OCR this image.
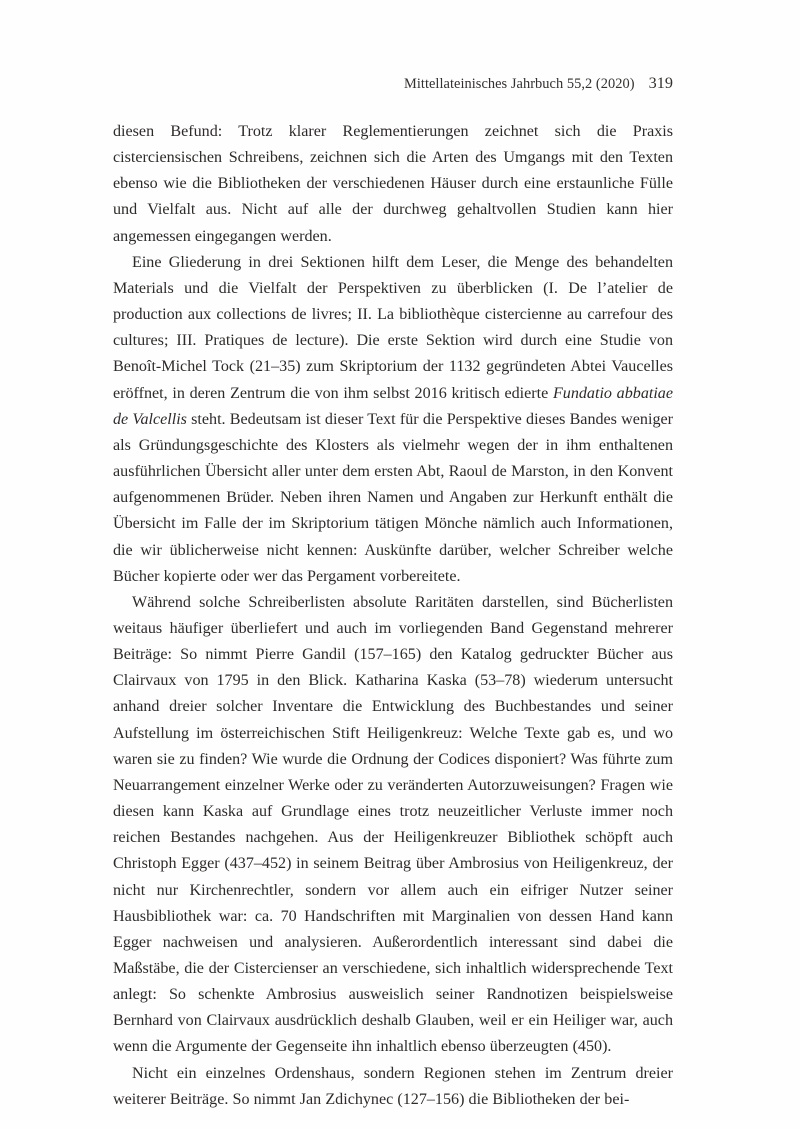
Mittellateinisches Jahrbuch 55,2 (2020) 319

diesen Befund: Trotz klarer Reglementierungen zeichnet sich die Praxis cisterciensischen Schreibens, zeichnen sich die Arten des Umgangs mit den Texten ebenso wie die Bibliotheken der verschiedenen Häuser durch eine erstaunliche Fülle und Vielfalt aus. Nicht auf alle der durchweg gehaltvollen Studien kann hier angemessen eingegangen werden.

Eine Gliederung in drei Sektionen hilft dem Leser, die Menge des behandelten Materials und die Vielfalt der Perspektiven zu überblicken (I. De l’atelier de production aux collections de livres; II. La bibliothèque cistercienne au carrefour des cultures; III. Pratiques de lecture). Die erste Sektion wird durch eine Studie von Benoît-Michel Tock (21–35) zum Skriptorium der 1132 gegründeten Abtei Vaucelles eröffnet, in deren Zentrum die von ihm selbst 2016 kritisch edierte Fundatio abbatiae de Valcellis steht. Bedeutsam ist dieser Text für die Perspektive dieses Bandes weniger als Gründungsgeschichte des Klosters als vielmehr wegen der in ihm enthaltenen ausführlichen Übersicht aller unter dem ersten Abt, Raoul de Marston, in den Konvent aufgenommenen Brüder. Neben ihren Namen und Angaben zur Herkunft enthält die Übersicht im Falle der im Skriptorium tätigen Mönche nämlich auch Informationen, die wir üblicherweise nicht kennen: Auskünfte darüber, welcher Schreiber welche Bücher kopierte oder wer das Pergament vorbereitete.

Während solche Schreiberlisten absolute Raritäten darstellen, sind Bücherlisten weitaus häufiger überliefert und auch im vorliegenden Band Gegenstand mehrerer Beiträge: So nimmt Pierre Gandil (157–165) den Katalog gedruckter Bücher aus Clairvaux von 1795 in den Blick. Katharina Kaska (53–78) wiederum untersucht anhand dreier solcher Inventare die Entwicklung des Buchbestandes und seiner Aufstellung im österreichischen Stift Heiligenkreuz: Welche Texte gab es, und wo waren sie zu finden? Wie wurde die Ordnung der Codices disponiert? Was führte zum Neuarrangement einzelner Werke oder zu veränderten Autorzuweisungen? Fragen wie diesen kann Kaska auf Grundlage eines trotz neuzeitlicher Verluste immer noch reichen Bestandes nachgehen. Aus der Heiligenkreuzer Bibliothek schöpft auch Christoph Egger (437–452) in seinem Beitrag über Ambrosius von Heiligenkreuz, der nicht nur Kirchenrechtler, sondern vor allem auch ein eifriger Nutzer seiner Hausbibliothek war: ca. 70 Handschriften mit Marginalien von dessen Hand kann Egger nachweisen und analysieren. Außerordentlich interessant sind dabei die Maßstäbe, die der Cistercienser an verschiedene, sich inhaltlich widersprechende Text anlegt: So schenkte Ambrosius ausweislich seiner Randnotizen beispielsweise Bernhard von Clairvaux ausdrücklich deshalb Glauben, weil er ein Heiliger war, auch wenn die Argumente der Gegenseite ihn inhaltlich ebenso überzeugten (450).

Nicht ein einzelnes Ordenshaus, sondern Regionen stehen im Zentrum dreier weiterer Beiträge. So nimmt Jan Zdichynec (127–156) die Bibliotheken der bei-
